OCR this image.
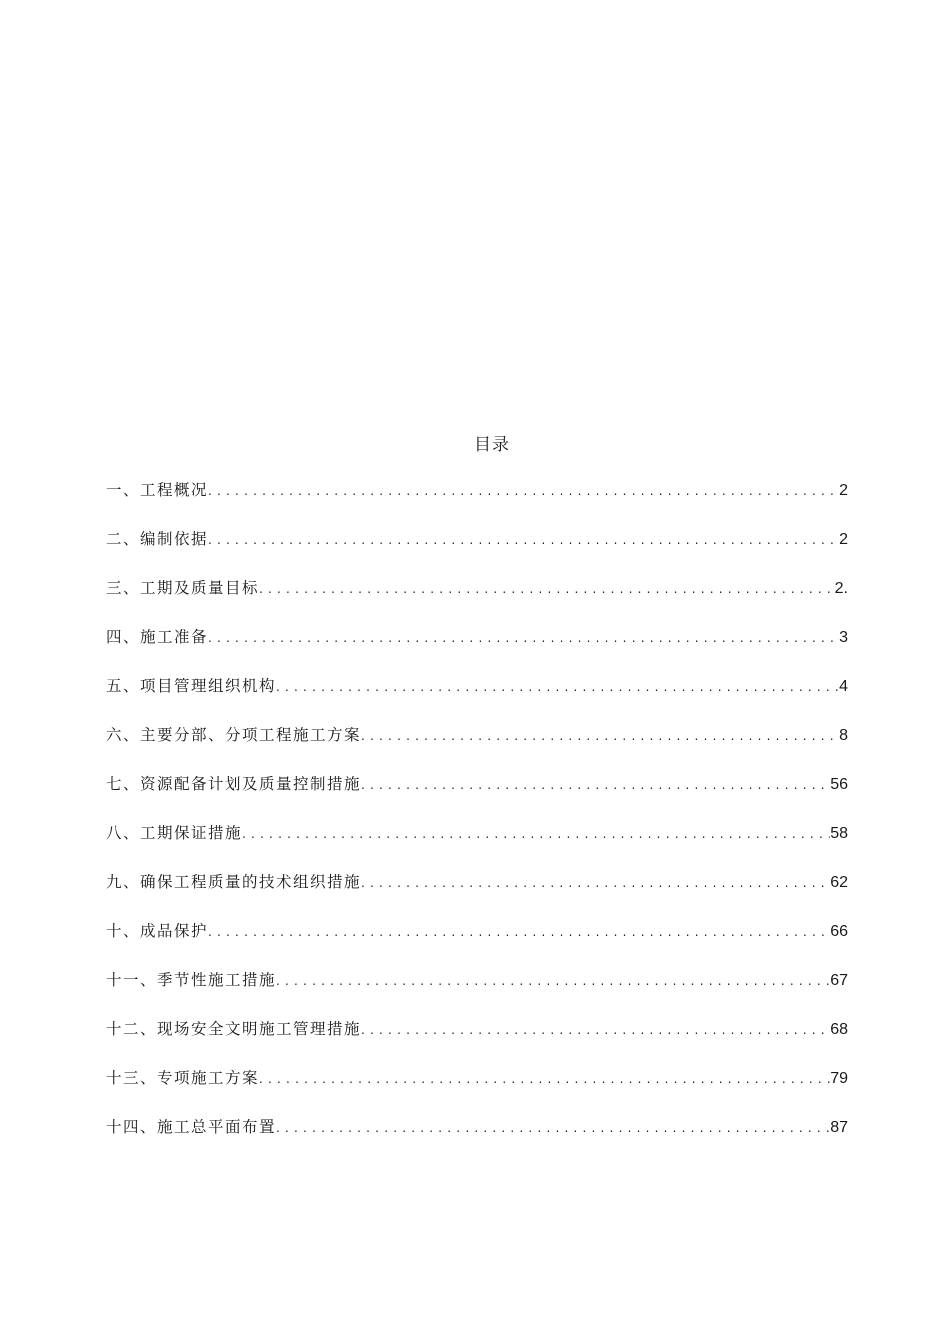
目录
一、工程概况 .....	2
二、编制依据 .....	2
三、工期及质量目标 .....	2.
四、施工准备 .....	3
五、项目管理组织机构 .....	4
六、主要分部、分项工程施工方案 .....	8
七、资源配备计划及质量控制措施 .....	56
八、工期保证措施 .....	58
九、确保工程质量的技术组织措施 .....	62
十、成品保护 .....	66
十一、季节性施工措施 .....	67
十二、现场安全文明施工管理措施 .....	68
十三、专项施工方案 .....	79
十四、施工总平面布置 .....	87
